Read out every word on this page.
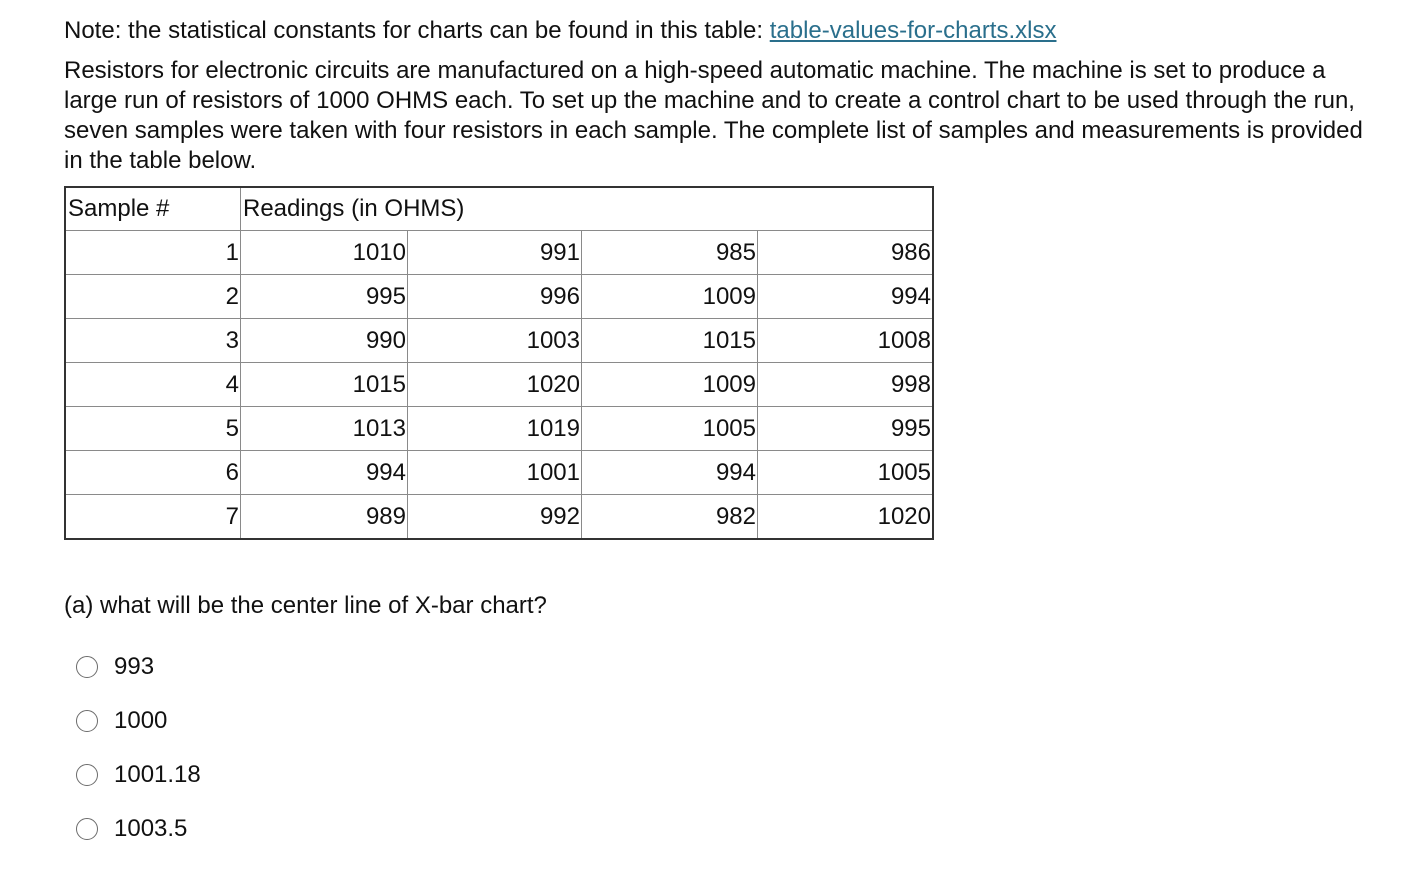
Note: the statistical constants for charts can be found in this table: table-values-for-charts.xlsx

Resistors for electronic circuits are manufactured on a high-speed automatic machine. The machine is set to produce a large run of resistors of 1000 OHMS each. To set up the machine and to create a control chart to be used through the run, seven samples were taken with four resistors in each sample. The complete list of samples and measurements is provided in the table below.

Sample #	Readings (in OHMS)			
1	1010	991	985	986
2	995	996	1009	994
3	990	1003	1015	1008
4	1015	1020	1009	998
5	1013	1019	1005	995
6	994	1001	994	1005
7	989	992	982	1020

(a) what will be the center line of X-bar chart?

993
1000
1001.18
1003.5
